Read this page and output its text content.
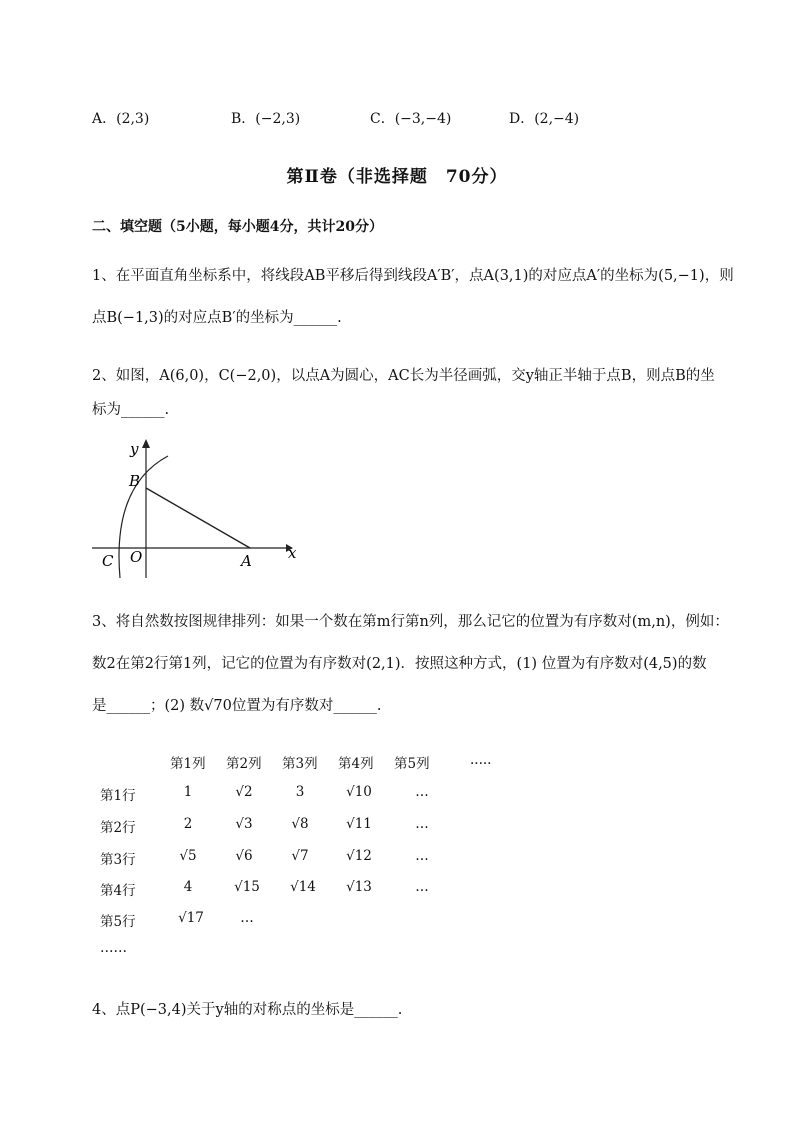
A．(2,3)	B．(−2,3)	C．(−3,−4)	D．(2,−4)
第Ⅱ卷（非选择题　70分）
二、填空题（5小题，每小题4分，共计20分）
1、在平面直角坐标系中，将线段AB平移后得到线段A′B′，点A(3,1)的对应点A′的坐标为(5,−1)，则
点B(−1,3)的对应点B′的坐标为______.
2、如图，A(6,0)，C(−2,0)，以点A为圆心，AC长为半径画弧，交y轴正半轴于点B，则点B的坐
标为______.
y
x
B
O
C	A
3、将自然数按图规律排列：如果一个数在第m行第n列，那么记它的位置为有序数对(m,n)，例如：
数2在第2行第1列，记它的位置为有序数对(2,1)．按照这种方式，(1) 位置为有序数对(4,5)的数
是______；(2) 数√70位置为有序数对______.
第1列 第2列 第3列 第4列 第5列	.....
第1行	1	√2	3	√10	…
第2行	2	√3	√8	√11	…
第3行	√5	√6	√7	√12	…
第4行	4	√15	√14	√13	…
第5行	√17	…
……
4、点P(−3,4)关于y轴的对称点的坐标是______.
